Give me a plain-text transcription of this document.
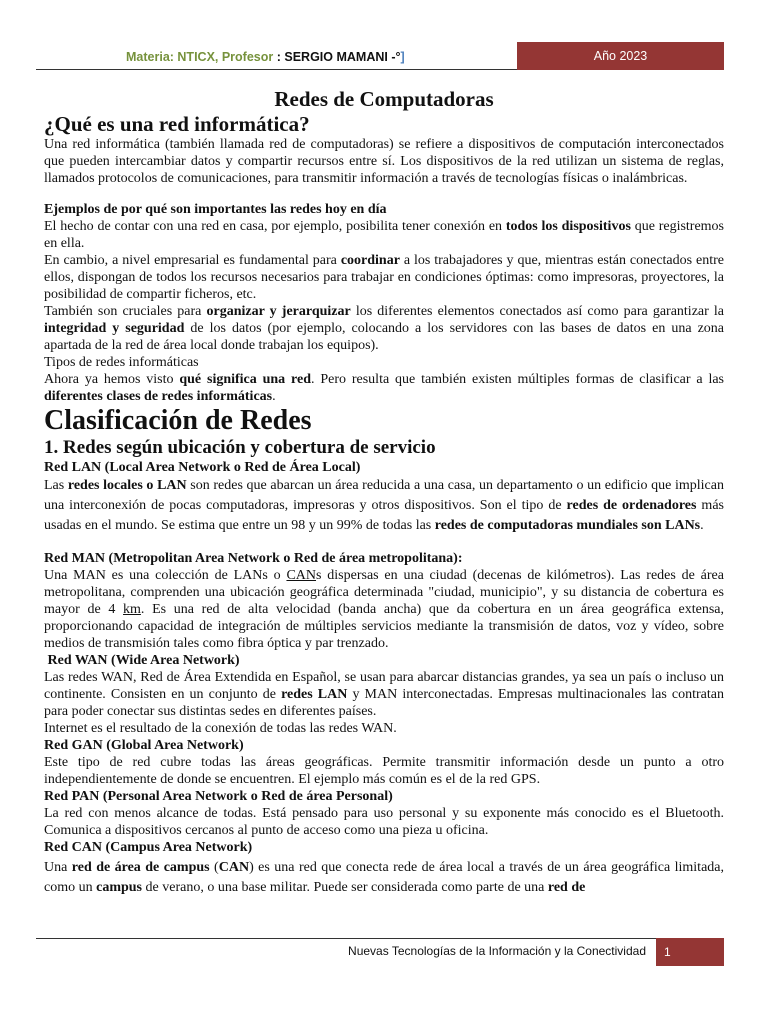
Materia: NTICX, Profesor : SERGIO MAMANI -°]	Año 2023
Redes de Computadoras
¿Qué es una red informática?

Una red informática (también llamada red de computadoras) se refiere a dispositivos de computación interconectados que pueden intercambiar datos y compartir recursos entre sí. Los dispositivos de la red utilizan un sistema de reglas, llamados protocolos de comunicaciones, para transmitir información a través de tecnologías físicas o inalámbricas.

Ejemplos de por qué son importantes las redes hoy en día

El hecho de contar con una red en casa, por ejemplo, posibilita tener conexión en todos los dispositivos que registremos en ella.

En cambio, a nivel empresarial es fundamental para coordinar a los trabajadores y que, mientras están conectados entre ellos, dispongan de todos los recursos necesarios para trabajar en condiciones óptimas: como impresoras, proyectores, la posibilidad de compartir ficheros, etc.

También son cruciales para organizar y jerarquizar los diferentes elementos conectados así como para garantizar la integridad y seguridad de los datos (por ejemplo, colocando a los servidores con las bases de datos en una zona apartada de la red de área local donde trabajan los equipos).

Tipos de redes informáticas

Ahora ya hemos visto qué significa una red. Pero resulta que también existen múltiples formas de clasificar a las diferentes clases de redes informáticas.

Clasificación de Redes
1. Redes según ubicación y cobertura de servicio

Red LAN (Local Area Network o Red de Área Local)

Las redes locales o LAN son redes que abarcan un área reducida a una casa, un departamento o un edificio que implican una interconexión de pocas computadoras, impresoras y otros dispositivos. Son el tipo de redes de ordenadores más usadas en el mundo. Se estima que entre un 98 y un 99% de todas las redes de computadoras mundiales son LANs.

Red MAN (Metropolitan Area Network o Red de área metropolitana):

Una MAN es una colección de LANs o CANs dispersas en una ciudad (decenas de kilómetros). Las redes de área metropolitana, comprenden una ubicación geográfica determinada "ciudad, municipio", y su distancia de cobertura es mayor de 4 km. Es una red de alta velocidad (banda ancha) que da cobertura en un área geográfica extensa, proporcionando capacidad de integración de múltiples servicios mediante la transmisión de datos, voz y vídeo, sobre medios de transmisión tales como fibra óptica y par trenzado.

Red WAN (Wide Area Network)

Las redes WAN, Red de Área Extendida en Español, se usan para abarcar distancias grandes, ya sea un país o incluso un continente. Consisten en un conjunto de redes LAN y MAN interconectadas. Empresas multinacionales las contratan para poder conectar sus distintas sedes en diferentes países.

Internet es el resultado de la conexión de todas las redes WAN.

Red GAN (Global Area Network)

Este tipo de red cubre todas las áreas geográficas. Permite transmitir información desde un punto a otro independientemente de donde se encuentren. El ejemplo más común es el de la red GPS.

Red PAN (Personal Area Network o Red de área Personal)

La red con menos alcance de todas. Está pensado para uso personal y su exponente más conocido es el Bluetooth. Comunica a dispositivos cercanos al punto de acceso como una pieza u oficina.

Red CAN (Campus Area Network)

Una red de área de campus (CAN) es una red que conecta rede de área local a través de un área geográfica limitada, como un campus de verano, o una base militar. Puede ser considerada como parte de una red de

Nuevas Tecnologías de la Información y la Conectividad	1
